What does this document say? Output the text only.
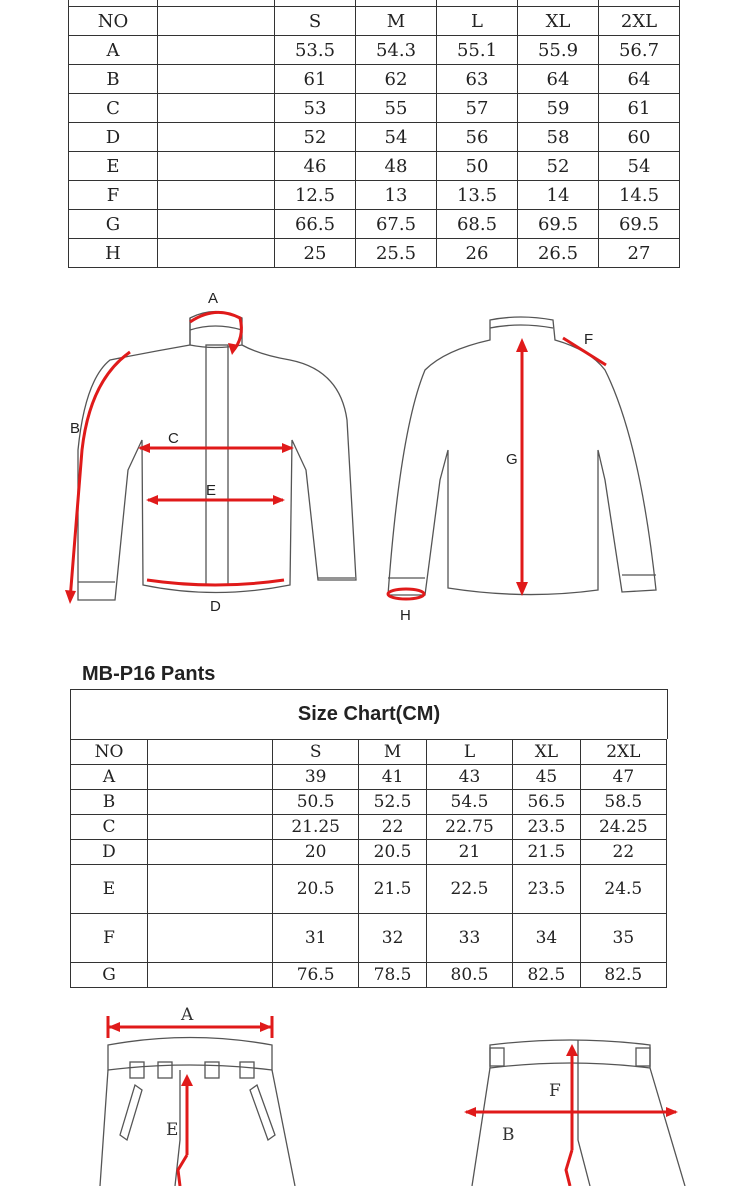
NO		S	M	L	XL	2XL
A		53.5	54.3	55.1	55.9	56.7
B		61	62	63	64	64
C		53	55	57	59	61
D		52	54	56	58	60
E		46	48	50	52	54
F		12.5	13	13.5	14	14.5
G		66.5	67.5	68.5	69.5	69.5
H		25	25.5	26	26.5	27
A
B
C
E
D
G
F
H
MB-P16 Pants
Size Chart(CM)
NO		S	M	L	XL	2XL
A		39	41	43	45	47
B		50.5	52.5	54.5	56.5	58.5
C		21.25	22	22.75	23.5	24.25
D		20	20.5	21	21.5	22
E		20.5	21.5	22.5	23.5	24.5
F		31	32	33	34	35
G		76.5	78.5	80.5	82.5	82.5
A
E	B
F
